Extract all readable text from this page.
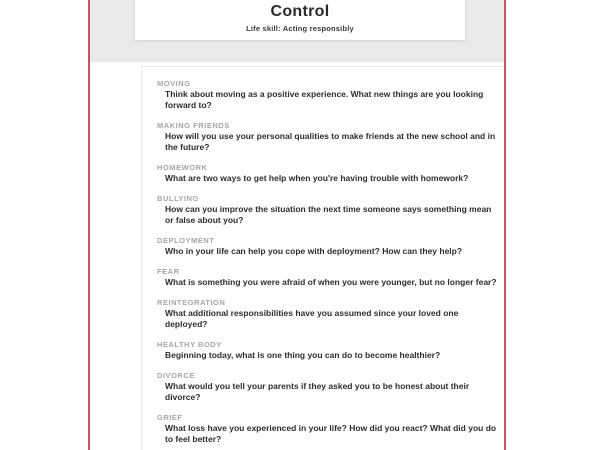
Control
Life skill: Acting responsibly
MOVING
Think about moving as a positive experience. What new things are you looking forward to?
MAKING FRIENDS
How will you use your personal qualities to make friends at the new school and in the future?
HOMEWORK
What are two ways to get help when you're having trouble with homework?
BULLYING
How can you improve the situation the next time someone says something mean or false about you?
DEPLOYMENT
Who in your life can help you cope with deployment? How can they help?
FEAR
What is something you were afraid of when you were younger, but no longer fear?
REINTEGRATION
What additional responsibilities have you assumed since your loved one deployed?
HEALTHY BODY
Beginning today, what is one thing you can do to become healthier?
DIVORCE
What would you tell your parents if they asked you to be honest about their divorce?
GRIEF
What loss have you experienced in your life? How did you react? What did you do to feel better?
